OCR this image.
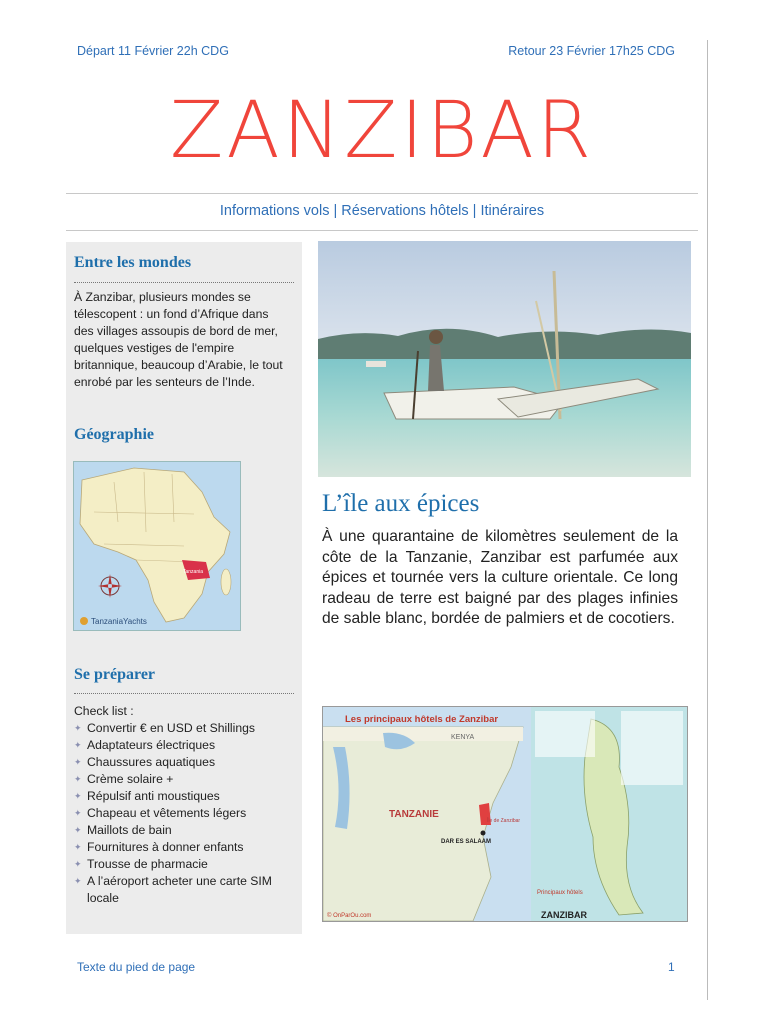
Départ 11 Février 22h CDG	Retour 23 Février 17h25 CDG
ZANZIBAR
Informations vols | Réservations hôtels | Itinéraires
Entre les mondes
À Zanzibar, plusieurs mondes se télescopent : un fond d’Afrique dans des villages assoupis de bord de mer, quelques vestiges de l'empire britannique, beaucoup d’Arabie, le tout enrobé par les senteurs de l’Inde.
Géographie
Tanzania
TanzaniaYachts
Se préparer
Check list :
✦ Convertir € en USD et Shillings
✦ Adaptateurs électriques
✦ Chaussures aquatiques
✦ Crème solaire +
✦ Répulsif anti moustiques
✦ Chapeau et vêtements légers
✦ Maillots de bain
✦ Fournitures à donner enfants
✦ Trousse de pharmacie
✦ A l’aéroport acheter une carte SIM locale
L’île aux épices
À une quarantaine de kilomètres seulement de la côte de la Tanzanie, Zanzibar est parfumée aux épices et tournée vers la culture orientale. Ce long radeau de terre est baigné par des plages infinies de sable blanc, bordée de palmiers et de cocotiers.
Les principaux hôtels de Zanzibar
KENYA
TANZANIE
DAR ES SALAAM
Île de Zanzibar
Principaux hôtels
ZANZIBAR
© OnParOu.com
Texte du pied de page	1
